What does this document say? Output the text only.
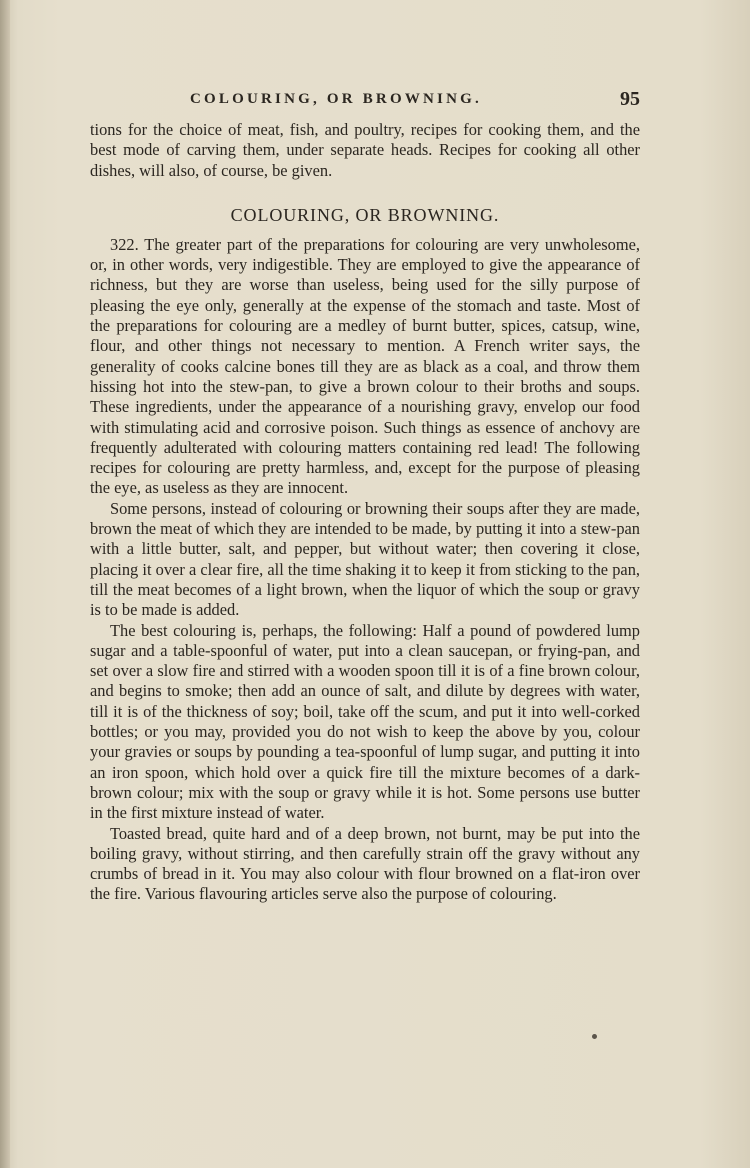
COLOURING, OR BROWNING.	95

tions for the choice of meat, fish, and poultry, recipes for cooking them, and the best mode of carving them, under separate heads. Recipes for cooking all other dishes, will also, of course, be given.

COLOURING, OR BROWNING.

322. The greater part of the preparations for colouring are very unwholesome, or, in other words, very indigestible. They are employed to give the appearance of richness, but they are worse than useless, being used for the silly purpose of pleasing the eye only, generally at the expense of the stomach and taste. Most of the preparations for colouring are a medley of burnt butter, spices, catsup, wine, flour, and other things not necessary to mention. A French writer says, the generality of cooks calcine bones till they are as black as a coal, and throw them hissing hot into the stew-pan, to give a brown colour to their broths and soups. These ingredients, under the appearance of a nourishing gravy, envelop our food with stimulating acid and corrosive poison. Such things as essence of anchovy are frequently adulterated with colouring matters containing red lead! The following recipes for colouring are pretty harmless, and, except for the purpose of pleasing the eye, as useless as they are innocent.

Some persons, instead of colouring or browning their soups after they are made, brown the meat of which they are intended to be made, by putting it into a stew-pan with a little butter, salt, and pepper, but without water; then covering it close, placing it over a clear fire, all the time shaking it to keep it from sticking to the pan, till the meat becomes of a light brown, when the liquor of which the soup or gravy is to be made is added.

The best colouring is, perhaps, the following: Half a pound of powdered lump sugar and a table-spoonful of water, put into a clean saucepan, or frying-pan, and set over a slow fire and stirred with a wooden spoon till it is of a fine brown colour, and begins to smoke; then add an ounce of salt, and dilute by degrees with water, till it is of the thickness of soy; boil, take off the scum, and put it into well-corked bottles; or you may, provided you do not wish to keep the above by you, colour your gravies or soups by pounding a tea-spoonful of lump sugar, and putting it into an iron spoon, which hold over a quick fire till the mixture becomes of a dark-brown colour; mix with the soup or gravy while it is hot. Some persons use butter in the first mixture instead of water.

Toasted bread, quite hard and of a deep brown, not burnt, may be put into the boiling gravy, without stirring, and then carefully strain off the gravy without any crumbs of bread in it. You may also colour with flour browned on a flat-iron over the fire. Various flavouring articles serve also the purpose of colouring.
